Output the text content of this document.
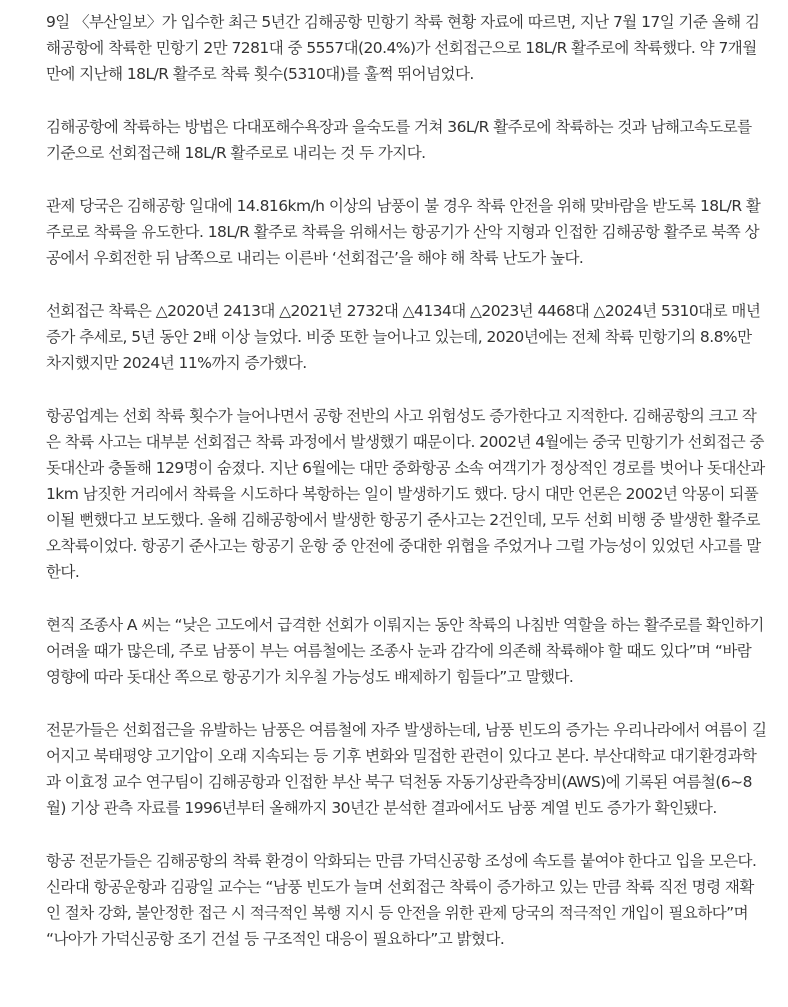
9일 〈부산일보〉가 입수한 최근 5년간 김해공항 민항기 착륙 현황 자료에 따르면, 지난 7월 17일 기준 올해 김해공항에 착륙한 민항기 2만 7281대 중 5557대(20.4%)가 선회접근으로 18L/R 활주로에 착륙했다. 약 7개월 만에 지난해 18L/R 활주로 착륙 횟수(5310대)를 훌쩍 뛰어넘었다.

김해공항에 착륙하는 방법은 다대포해수욕장과 을숙도를 거쳐 36L/R 활주로에 착륙하는 것과 남해고속도로를 기준으로 선회접근해 18L/R 활주로로 내리는 것 두 가지다.

관제 당국은 김해공항 일대에 14.816km/h 이상의 남풍이 불 경우 착륙 안전을 위해 맞바람을 받도록 18L/R 활주로로 착륙을 유도한다. 18L/R 활주로 착륙을 위해서는 항공기가 산악 지형과 인접한 김해공항 활주로 북쪽 상공에서 우회전한 뒤 남쪽으로 내리는 이른바 ‘선회접근’을 해야 해 착륙 난도가 높다.

선회접근 착륙은 △2020년 2413대 △2021년 2732대 △4134대 △2023년 4468대 △2024년 5310대로 매년 증가 추세로, 5년 동안 2배 이상 늘었다. 비중 또한 늘어나고 있는데, 2020년에는 전체 착륙 민항기의 8.8%만 차지했지만 2024년 11%까지 증가했다.

항공업계는 선회 착륙 횟수가 늘어나면서 공항 전반의 사고 위험성도 증가한다고 지적한다. 김해공항의 크고 작은 착륙 사고는 대부분 선회접근 착륙 과정에서 발생했기 때문이다. 2002년 4월에는 중국 민항기가 선회접근 중 돗대산과 충돌해 129명이 숨졌다. 지난 6월에는 대만 중화항공 소속 여객기가 정상적인 경로를 벗어나 돗대산과 1km 남짓한 거리에서 착륙을 시도하다 복항하는 일이 발생하기도 했다. 당시 대만 언론은 2002년 악몽이 되풀이될 뻔했다고 보도했다. 올해 김해공항에서 발생한 항공기 준사고는 2건인데, 모두 선회 비행 중 발생한 활주로 오착륙이었다. 항공기 준사고는 항공기 운항 중 안전에 중대한 위협을 주었거나 그럴 가능성이 있었던 사고를 말한다.

현직 조종사 A 씨는 “낮은 고도에서 급격한 선회가 이뤄지는 동안 착륙의 나침반 역할을 하는 활주로를 확인하기 어려울 때가 많은데, 주로 남풍이 부는 여름철에는 조종사 눈과 감각에 의존해 착륙해야 할 때도 있다”며 “바람 영향에 따라 돗대산 쪽으로 항공기가 치우칠 가능성도 배제하기 힘들다”고 말했다.

전문가들은 선회접근을 유발하는 남풍은 여름철에 자주 발생하는데, 남풍 빈도의 증가는 우리나라에서 여름이 길어지고 북태평양 고기압이 오래 지속되는 등 기후 변화와 밀접한 관련이 있다고 본다. 부산대학교 대기환경과학과 이효정 교수 연구팀이 김해공항과 인접한 부산 북구 덕천동 자동기상관측장비(AWS)에 기록된 여름철(6~8월) 기상 관측 자료를 1996년부터 올해까지 30년간 분석한 결과에서도 남풍 계열 빈도 증가가 확인됐다.

항공 전문가들은 김해공항의 착륙 환경이 악화되는 만큼 가덕신공항 조성에 속도를 붙여야 한다고 입을 모은다. 신라대 항공운항과 김광일 교수는 “남풍 빈도가 늘며 선회접근 착륙이 증가하고 있는 만큼 착륙 직전 명령 재확인 절차 강화, 불안정한 접근 시 적극적인 복행 지시 등 안전을 위한 관제 당국의 적극적인 개입이 필요하다”며 “나아가 가덕신공항 조기 건설 등 구조적인 대응이 필요하다”고 밝혔다.
